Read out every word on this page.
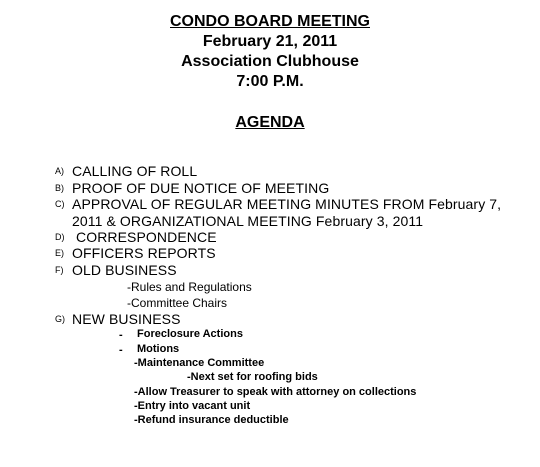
CONDO BOARD MEETING
February 21, 2011
Association Clubhouse
7:00 P.M.
AGENDA
A) CALLING OF ROLL
B) PROOF OF DUE NOTICE OF MEETING
C) APPROVAL OF REGULAR MEETING MINUTES FROM February 7, 2011 & ORGANIZATIONAL MEETING February 3, 2011
D) CORRESPONDENCE
E) OFFICERS REPORTS
F) OLD BUSINESS
-Rules and Regulations
-Committee Chairs
G) NEW BUSINESS
- Foreclosure Actions
- Motions
-Maintenance Committee
-Next set for roofing bids
-Allow Treasurer to speak with attorney on collections
-Entry into vacant unit
-Refund insurance deductible
